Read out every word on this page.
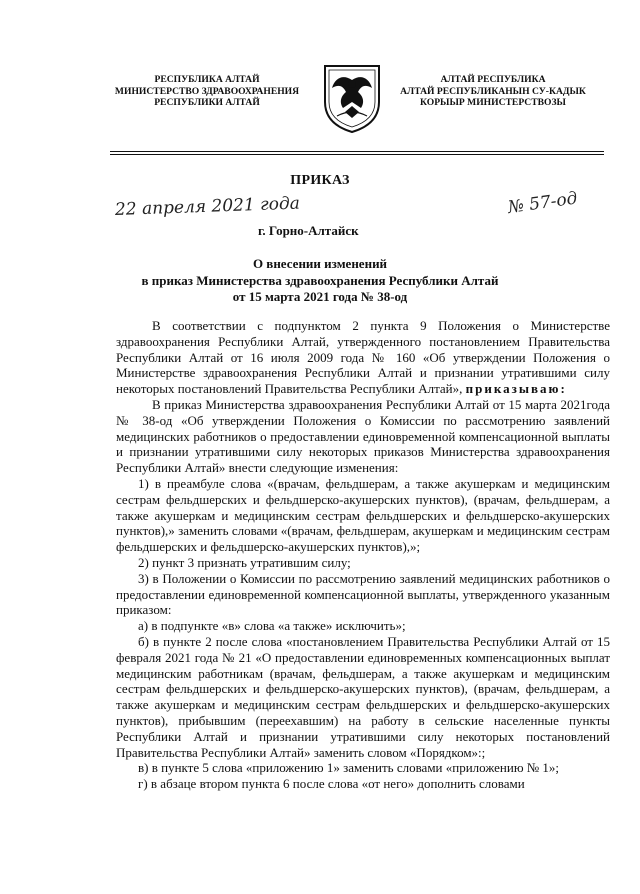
РЕСПУБЛИКА АЛТАЙ
МИНИСТЕРСТВО ЗДРАВООХРАНЕНИЯ
РЕСПУБЛИКИ АЛТАЙ
АЛТАЙ РЕСПУБЛИКА
АЛТАЙ РЕСПУБЛИКАНЫН СУ-КАДЫК
КОРЫЫР МИНИСТЕРСТВОЗЫ
ПРИКАЗ
22 апреля 2021 года	№ 57-од
г. Горно-Алтайск
О внесении изменений
в приказ Министерства здравоохранения Республики Алтай
от 15 марта 2021 года № 38-од

В соответствии с подпунктом 2 пункта 9 Положения о Министерстве здравоохранения Республики Алтай, утвержденного постановлением Правительства Республики Алтай от 16 июля 2009 года № 160 «Об утверждении Положения о Министерстве здравоохранения Республики Алтай и признании утратившими силу некоторых постановлений Правительства Республики Алтай», приказываю:

В приказ Министерства здравоохранения Республики Алтай от 15 марта 2021года № 38-од «Об утверждении Положения о Комиссии по рассмотрению заявлений медицинских работников о предоставлении единовременной компенсационной выплаты и признании утратившими силу некоторых приказов Министерства здравоохранения Республики Алтай» внести следующие изменения:

1) в преамбуле слова «(врачам, фельдшерам, а также акушеркам и медицинским сестрам фельдшерских и фельдшерско-акушерских пунктов), (врачам, фельдшерам, а также акушеркам и медицинским сестрам фельдшерских и фельдшерско-акушерских пунктов),» заменить словами «(врачам, фельдшерам, акушеркам и медицинским сестрам фельдшерских и фельдшерско-акушерских пунктов),»;

2) пункт 3 признать утратившим силу;

3) в Положении о Комиссии по рассмотрению заявлений медицинских работников о предоставлении единовременной компенсационной выплаты, утвержденного указанным приказом:

а) в подпункте «в» слова «а также» исключить»;

б) в пункте 2 после слова «постановлением Правительства Республики Алтай от 15 февраля 2021 года № 21 «О предоставлении единовременных компенсационных выплат медицинским работникам (врачам, фельдшерам, а также акушеркам и медицинским сестрам фельдшерских и фельдшерско-акушерских пунктов), (врачам, фельдшерам, а также акушеркам и медицинским сестрам фельдшерских и фельдшерско-акушерских пунктов), прибывшим (переехавшим) на работу в сельские населенные пункты Республики Алтай и признании утратившими силу некоторых постановлений Правительства Республики Алтай» заменить словом «Порядком»:;

в) в пункте 5 слова «приложению 1» заменить словами «приложению № 1»;

г) в абзаце втором пункта 6 после слова «от него» дополнить словами
